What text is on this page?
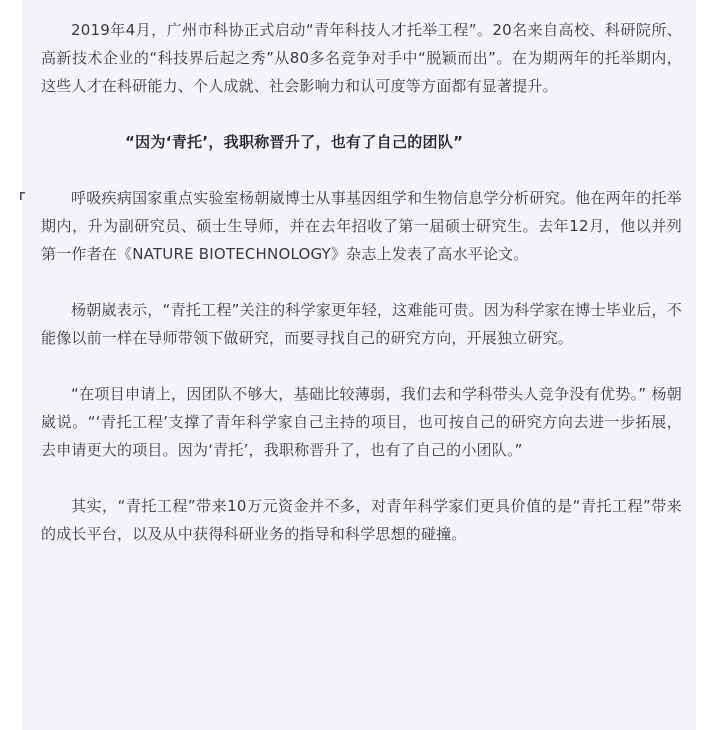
2019年4月，广州市科协正式启动“青年科技人才托举工程”。20名来自高校、科研院所、高新技术企业的“科技界后起之秀”从80多名竞争对手中“脱颖而出”。在为期两年的托举期内，这些人才在科研能力、个人成就、社会影响力和认可度等方面都有显著提升。

“因为‘青托’，我职称晋升了，也有了自己的团队”

呼吸疾病国家重点实验室杨朝崴博士从事基因组学和生物信息学分析研究。他在两年的托举期内，升为副研究员、硕士生导师，并在去年招收了第一届硕士研究生。去年12月，他以并列第一作者在《NATURE BIOTECHNOLOGY》杂志上发表了高水平论文。

杨朝崴表示，“青托工程”关注的科学家更年轻，这难能可贵。因为科学家在博士毕业后，不能像以前一样在导师带领下做研究，而要寻找自己的研究方向，开展独立研究。

“在项目申请上，因团队不够大，基础比较薄弱，我们去和学科带头人竞争没有优势。” 杨朝崴说。“‘青托工程’支撑了青年科学家自己主持的项目，也可按自己的研究方向去进一步拓展，去申请更大的项目。因为‘青托’，我职称晋升了，也有了自己的小团队。”

其实，“青托工程”带来10万元资金并不多，对青年科学家们更具价值的是“青托工程”带来的成长平台，以及从中获得科研业务的指导和科学思想的碰撞。
